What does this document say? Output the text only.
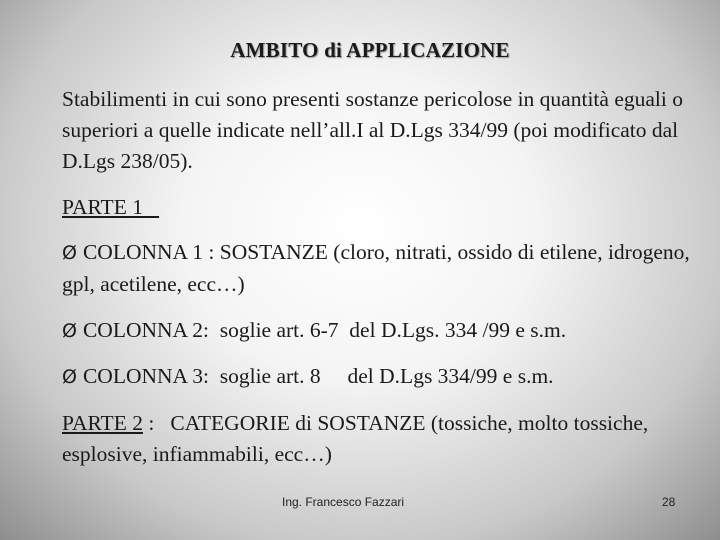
AMBITO di APPLICAZIONE
Stabilimenti in cui sono presenti sostanze pericolose in quantità eguali o superiori a quelle indicate nell’all.I al D.Lgs 334/99 (poi modificato dal D.Lgs 238/05).
PARTE 1
Ø COLONNA 1 : SOSTANZE (cloro, nitrati, ossido di etilene, idrogeno, gpl, acetilene, ecc…)
Ø COLONNA 2:  soglie art. 6-7  del D.Lgs. 334 /99 e s.m.
Ø COLONNA 3:  soglie art. 8     del D.Lgs 334/99 e s.m.
PARTE 2 :   CATEGORIE di SOSTANZE (tossiche, molto tossiche, esplosive, infiammabili, ecc…)
Ing. Francesco Fazzari	28
